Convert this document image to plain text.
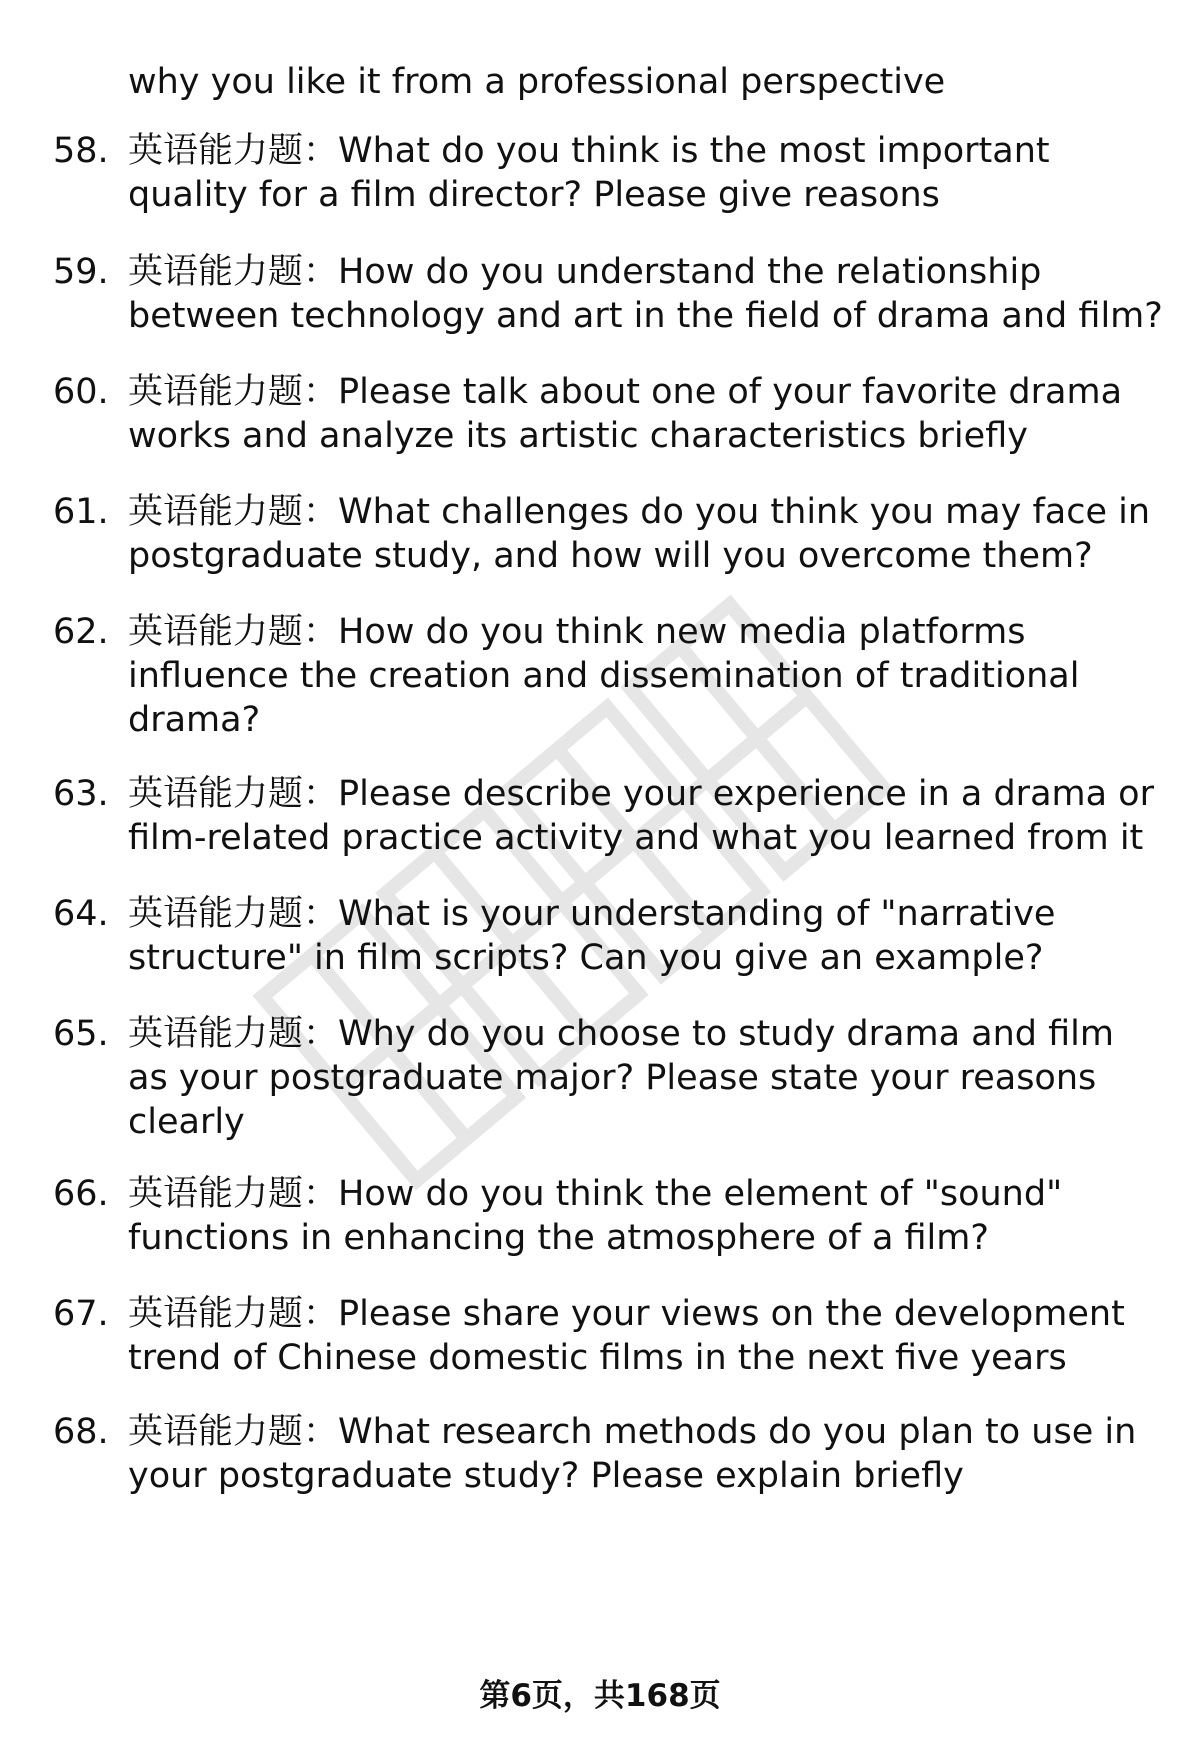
why you like it from a professional perspective
58. 英语能力题：What do you think is the most important
quality for a film director? Please give reasons
59. 英语能力题：How do you understand the relationship
between technology and art in the field of drama and film?
60. 英语能力题：Please talk about one of your favorite drama
works and analyze its artistic characteristics briefly
61. 英语能力题：What challenges do you think you may face in
postgraduate study, and how will you overcome them?
62. 英语能力题：How do you think new media platforms
influence the creation and dissemination of traditional
drama?
63. 英语能力题：Please describe your experience in a drama or
film-related practice activity and what you learned from it
64. 英语能力题：What is your understanding of "narrative
structure" in film scripts? Can you give an example?
65. 英语能力题：Why do you choose to study drama and film
as your postgraduate major? Please state your reasons
clearly
66. 英语能力题：How do you think the element of "sound"
functions in enhancing the atmosphere of a film?
67. 英语能力题：Please share your views on the development
trend of Chinese domestic films in the next five years
68. 英语能力题：What research methods do you plan to use in
your postgraduate study? Please explain briefly
第6页，共168页
